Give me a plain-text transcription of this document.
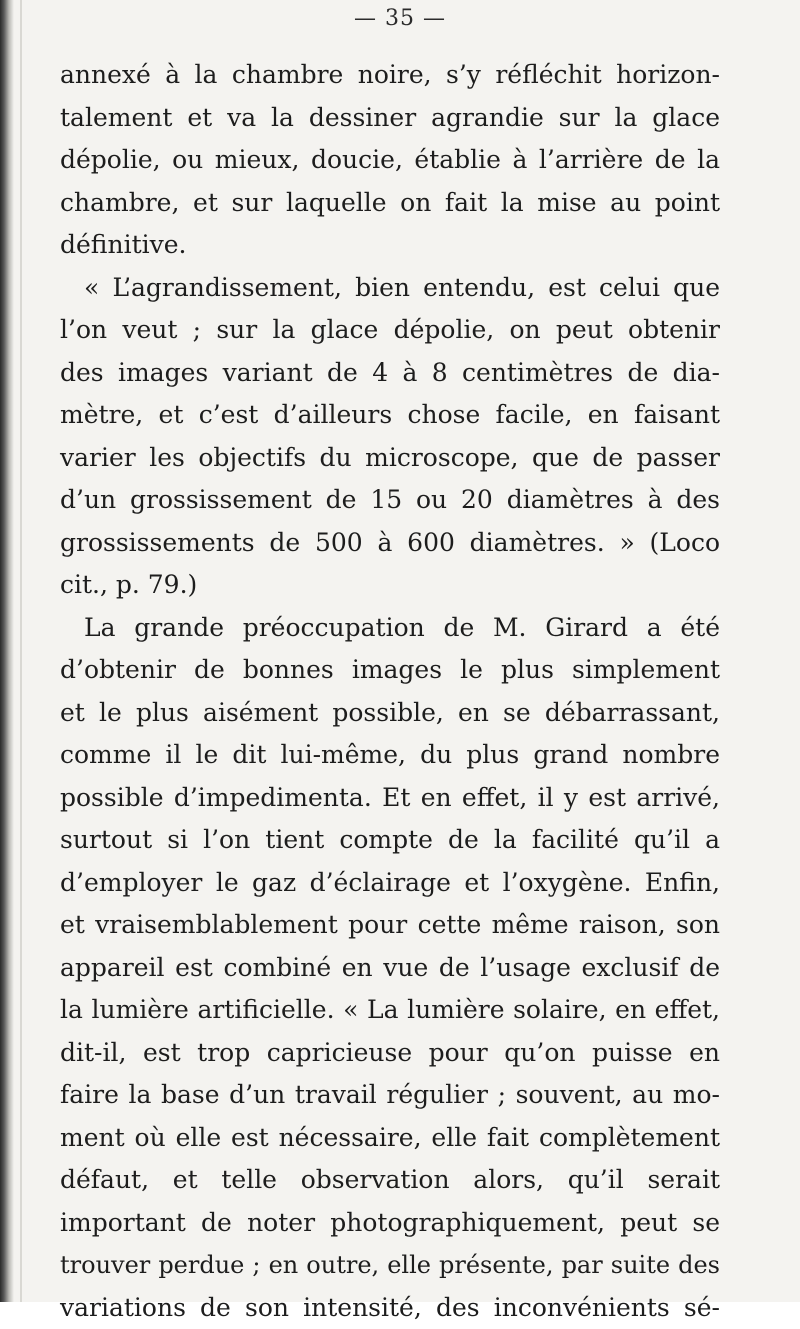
— 35 —
annexé à la chambre noire, s’y réfléchit horizon-
talement et va la dessiner agrandie sur la glace
dépolie, ou mieux, doucie, établie à l’arrière de la
chambre, et sur laquelle on fait la mise au point
définitive.
« L’agrandissement, bien entendu, est celui que
l’on veut ; sur la glace dépolie, on peut obtenir
des images variant de 4 à 8 centimètres de dia-
mètre, et c’est d’ailleurs chose facile, en faisant
varier les objectifs du microscope, que de passer
d’un grossissement de 15 ou 20 diamètres à des
grossissements de 500 à 600 diamètres. » (Loco
cit., p. 79.)
La grande préoccupation de M. Girard a été
d’obtenir de bonnes images le plus simplement
et le plus aisément possible, en se débarrassant,
comme il le dit lui-même, du plus grand nombre
possible d’impedimenta. Et en effet, il y est arrivé,
surtout si l’on tient compte de la facilité qu’il a
d’employer le gaz d’éclairage et l’oxygène. Enfin,
et vraisemblablement pour cette même raison, son
appareil est combiné en vue de l’usage exclusif de
la lumière artificielle. « La lumière solaire, en effet,
dit-il, est trop capricieuse pour qu’on puisse en
faire la base d’un travail régulier ; souvent, au mo-
ment où elle est nécessaire, elle fait complètement
défaut, et telle observation alors, qu’il serait
important de noter photographiquement, peut se
trouver perdue ; en outre, elle présente, par suite des
variations de son intensité, des inconvénients sé-
